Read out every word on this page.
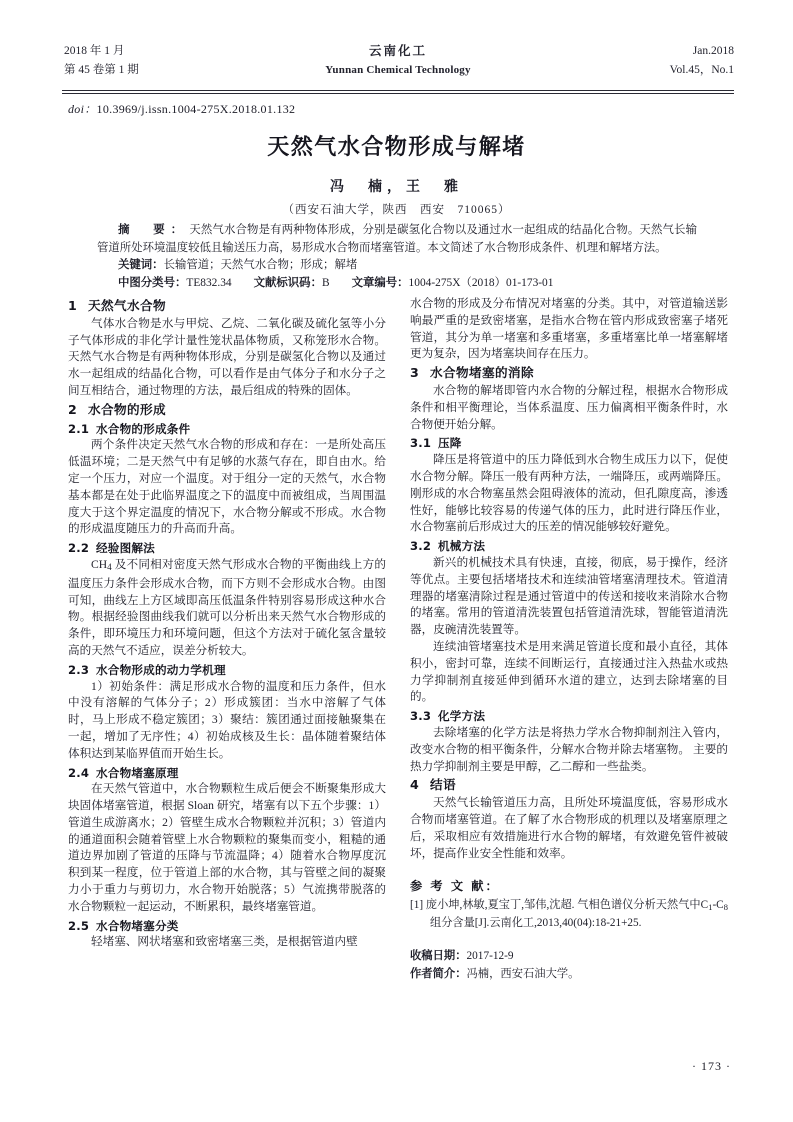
2018 年 1 月
第 45 卷第 1 期
云南化工
Yunnan Chemical Technology
Jan.2018
Vol.45，No.1
doi：10.3969/j.issn.1004-275X.2018.01.132
天然气水合物形成与解堵
冯　楠，王　雅
（西安石油大学，陕西　西安　710065）

摘　要：天然气水合物是有两种物体形成，分别是碳氢化合物以及通过水一起组成的结晶化合物。天然气长输管道所处环境温度较低且输送压力高，易形成水合物而堵塞管道。本文简述了水合物形成条件、机理和解堵方法。

关键词：长输管道；天然气水合物；形成；解堵

中图分类号：TE832.34 文献标识码：B 文章编号：1004-275X（2018）01-173-01

1 天然气水合物

气体水合物是水与甲烷、乙烷、二氧化碳及硫化氢等小分子气体形成的非化学计量性笼状晶体物质，又称笼形水合物。天然气水合物是有两种物体形成，分别是碳氢化合物以及通过水一起组成的结晶化合物，可以看作是由气体分子和水分子之间互相结合，通过物理的方法，最后组成的特殊的固体。

2 水合物的形成
2.1 水合物的形成条件

两个条件决定天然气水合物的形成和存在：一是所处高压低温环境；二是天然气中有足够的水蒸气存在，即自由水。给定一个压力，对应一个温度。对于组分一定的天然气，水合物基本都是在处于此临界温度之下的温度中而被组成，当周围温度大于这个界定温度的情况下，水合物分解或不形成。水合物的形成温度随压力的升高而升高。

2.2 经验图解法

$CH_4$ 及不同相对密度天然气形成水合物的平衡曲线上方的温度压力条件会形成水合物，而下方则不会形成水合物。由图可知，曲线左上方区域即高压低温条件特别容易形成这种水合物。根据经验图曲线我们就可以分析出来天然气水合物形成的条件，即环境压力和环境问题，但这个方法对于硫化氢含量较高的天然气不适应，误差分析较大。

2.3 水合物形成的动力学机理

1）初始条件：满足形成水合物的温度和压力条件，但水中没有溶解的气体分子；2）形成簇团：当水中溶解了气体时，马上形成不稳定簇团；3）聚结：簇团通过面接触聚集在一起，增加了无序性；4）初始成核及生长：晶体随着聚结体体积达到某临界值而开始生长。

2.4 水合物堵塞原理

在天然气管道中，水合物颗粒生成后便会不断聚集形成大块固体堵塞管道，根据 Sloan 研究，堵塞有以下五个步骤：1）管道生成游离水；2）管壁生成水合物颗粒并沉积；3）管道内的通道面积会随着管壁上水合物颗粒的聚集而变小，粗糙的通道边界加剧了管道的压降与节流温降；4）随着水合物厚度沉积到某一程度，位于管道上部的水合物，其与管壁之间的凝聚力小于重力与剪切力，水合物开始脱落；5）气流携带脱落的水合物颗粒一起运动，不断累积，最终堵塞管道。

2.5 水合物堵塞分类

轻堵塞、网状堵塞和致密堵塞三类，是根据管道内壁

水合物的形成及分布情况对堵塞的分类。其中，对管道输送影响最严重的是致密堵塞，是指水合物在管内形成致密塞子堵死管道，其分为单一堵塞和多重堵塞，多重堵塞比单一堵塞解堵更为复杂，因为堵塞块间存在压力。

3 水合物堵塞的消除

水合物的解堵即管内水合物的分解过程，根据水合物形成条件和相平衡理论，当体系温度、压力偏离相平衡条件时，水合物便开始分解。

3.1 压降

降压是将管道中的压力降低到水合物生成压力以下，促使水合物分解。降压一般有两种方法，一端降压，或两端降压。刚形成的水合物塞虽然会阻碍液体的流动，但孔隙度高，渗透性好，能够比较容易的传递气体的压力，此时进行降压作业，水合物塞前后形成过大的压差的情况能够较好避免。

3.2 机械方法

新兴的机械技术具有快速，直接，彻底，易于操作，经济等优点。主要包括堵堵技术和连续油管堵塞清理技术。管道清理器的堵塞清除过程是通过管道中的传送和接收来消除水合物的堵塞。常用的管道清洗装置包括管道清洗球，智能管道清洗器，皮碗清洗装置等。

连续油管堵塞技术是用来满足管道长度和最小直径，其体积小，密封可靠，连续不间断运行，直接通过注入热盐水或热力学抑制剂直接延伸到循环水道的建立，达到去除堵塞的目的。

3.3 化学方法

去除堵塞的化学方法是将热力学水合物抑制剂注入管内，改变水合物的相平衡条件，分解水合物并除去堵塞物。 主要的热力学抑制剂主要是甲醇，乙二醇和一些盐类。

4 结语

天然气长输管道压力高，且所处环境温度低，容易形成水合物而堵塞管道。在了解了水合物形成的机理以及堵塞原理之后，采取相应有效措施进行水合物的解堵，有效避免管件被破坏，提高作业安全性能和效率。

参 考 文 献：

[1] 庞小坤,林敏,夏宝丁,邹伟,沈超. 气相色谱仪分析天然气中$C_1-C_8$组分含量[J].云南化工,2013,40(04):18-21+25.

收稿日期：2017-12-9
作者简介：冯楠，西安石油大学。
· 173 ·
